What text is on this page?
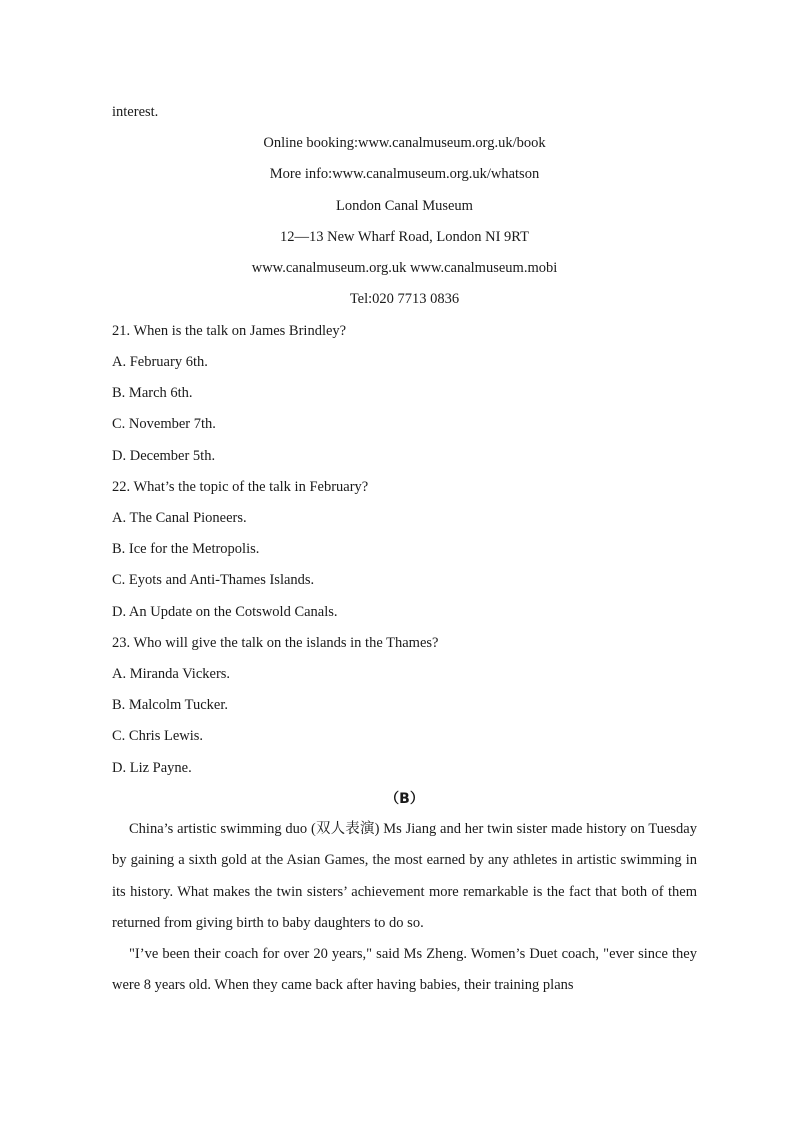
interest.
Online booking:www.canalmuseum.org.uk/book
More info:www.canalmuseum.org.uk/whatson
London Canal Museum
12—13 New Wharf Road, London NI 9RT
www.canalmuseum.org.uk www.canalmuseum.mobi
Tel:020 7713 0836
21. When is the talk on James Brindley?
A. February 6th.
B. March 6th.
C. November 7th.
D. December 5th.
22. What’s the topic of the talk in February?
A. The Canal Pioneers.
B. Ice for the Metropolis.
C. Eyots and Anti-Thames Islands.
D. An Update on the Cotswold Canals.
23. Who will give the talk on the islands in the Thames?
A. Miranda Vickers.
B. Malcolm Tucker.
C. Chris Lewis.
D. Liz Payne.
（B）

China’s artistic swimming duo (双人表演) Ms Jiang and her twin sister made history on Tuesday by gaining a sixth gold at the Asian Games, the most earned by any athletes in artistic swimming in its history. What makes the twin sisters’ achievement more remarkable is the fact that both of them returned from giving birth to baby daughters to do so.

"I’ve been their coach for over 20 years," said Ms Zheng. Women’s Duet coach, "ever since they were 8 years old. When they came back after having babies, their training plans
